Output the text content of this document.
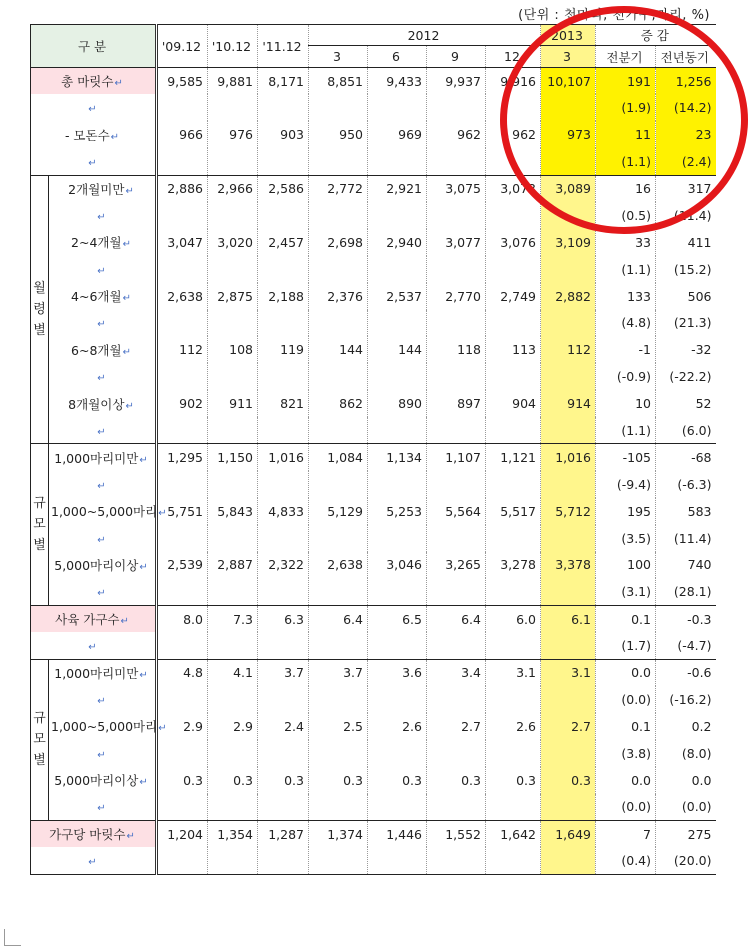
(단위 : 천마리, 천가구,마리, %)
구 분		'09.12	'10.12	'11.12	2012				2013	증 감	
					3	6	9	12	3	전분기	전년동기
총 마릿수↵		9,585	9,881	8,171	8,851	9,433	9,937	9,916	10,107	191	1,256
↵										(1.9)	(14.2)
- 모돈수↵		966	976	903	950	969	962	962	973	11	23
↵										(1.1)	(2.4)
월 령 별	2개월미만↵	2,886	2,966	2,586	2,772	2,921	3,075	3,073	3,089	16	317
	↵									(0.5)	(11.4)
	2~4개월↵	3,047	3,020	2,457	2,698	2,940	3,077	3,076	3,109	33	411
	↵									(1.1)	(15.2)
	4~6개월↵	2,638	2,875	2,188	2,376	2,537	2,770	2,749	2,882	133	506
	↵									(4.8)	(21.3)
	6~8개월↵	112	108	119	144	144	118	113	112	-1	-32
	↵									(-0.9)	(-22.2)
	8개월이상↵	902	911	821	862	890	897	904	914	10	52
	↵									(1.1)	(6.0)
규 모 별	1,000마리미만↵	1,295	1,150	1,016	1,084	1,134	1,107	1,121	1,016	-105	-68
	↵									(-9.4)	(-6.3)
	1,000~5,000마리↵	5,751	5,843	4,833	5,129	5,253	5,564	5,517	5,712	195	583
	↵									(3.5)	(11.4)
	5,000마리이상↵	2,539	2,887	2,322	2,638	3,046	3,265	3,278	3,378	100	740
	↵									(3.1)	(28.1)
사육 가구수↵		8.0	7.3	6.3	6.4	6.5	6.4	6.0	6.1	0.1	-0.3
↵										(1.7)	(-4.7)
규 모 별	1,000마리미만↵	4.8	4.1	3.7	3.7	3.6	3.4	3.1	3.1	0.0	-0.6
	↵									(0.0)	(-16.2)
	1,000~5,000마리↵	2.9	2.9	2.4	2.5	2.6	2.7	2.6	2.7	0.1	0.2
	↵									(3.8)	(8.0)
	5,000마리이상↵	0.3	0.3	0.3	0.3	0.3	0.3	0.3	0.3	0.0	0.0
	↵									(0.0)	(0.0)
가구당 마릿수↵		1,204	1,354	1,287	1,374	1,446	1,552	1,642	1,649	7	275
↵										(0.4)	(20.0)
